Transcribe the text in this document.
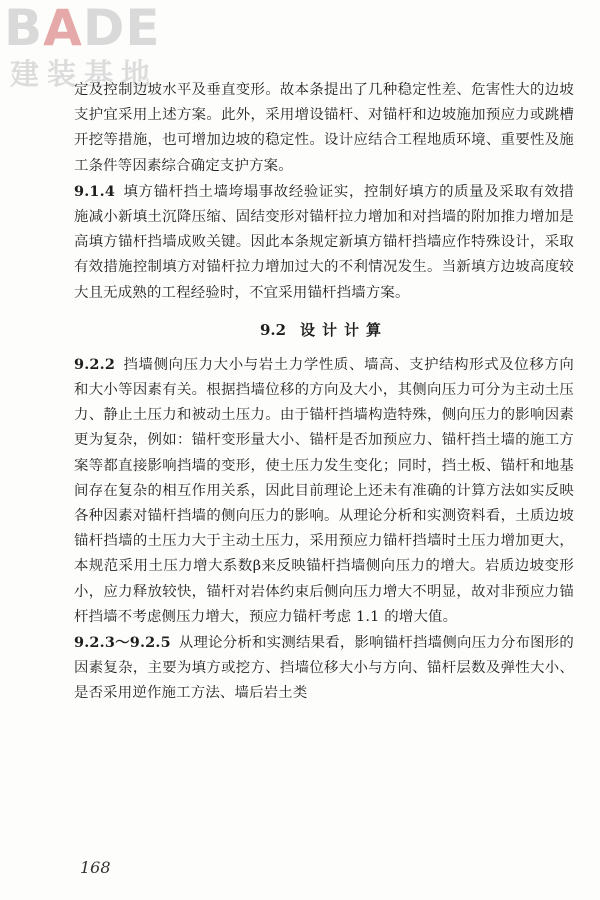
BADE
建装基地

定及控制边坡水平及垂直变形。故本条提出了几种稳定性差、危害性大的边坡支护宜采用上述方案。此外，采用增设锚杆、对锚杆和边坡施加预应力或跳槽开挖等措施，也可增加边坡的稳定性。设计应结合工程地质环境、重要性及施工条件等因素综合确定支护方案。

9.1.4 填方锚杆挡土墙垮塌事故经验证实，控制好填方的质量及采取有效措施减小新填土沉降压缩、固结变形对锚杆拉力增加和对挡墙的附加推力增加是高填方锚杆挡墙成败关键。因此本条规定新填方锚杆挡墙应作特殊设计，采取有效措施控制填方对锚杆拉力增加过大的不利情况发生。当新填方边坡高度较大且无成熟的工程经验时，不宜采用锚杆挡墙方案。

9.2 设计计算

9.2.2 挡墙侧向压力大小与岩土力学性质、墙高、支护结构形式及位移方向和大小等因素有关。根据挡墙位移的方向及大小，其侧向压力可分为主动土压力、静止土压力和被动土压力。由于锚杆挡墙构造特殊，侧向压力的影响因素更为复杂，例如：锚杆变形量大小、锚杆是否加预应力、锚杆挡土墙的施工方案等都直接影响挡墙的变形，使土压力发生变化；同时，挡土板、锚杆和地基间存在复杂的相互作用关系，因此目前理论上还未有准确的计算方法如实反映各种因素对锚杆挡墙的侧向压力的影响。从理论分析和实测资料看，土质边坡锚杆挡墙的土压力大于主动土压力，采用预应力锚杆挡墙时土压力增加更大，本规范采用土压力增大系数β来反映锚杆挡墙侧向压力的增大。岩质边坡变形小，应力释放较快，锚杆对岩体约束后侧向压力增大不明显，故对非预应力锚杆挡墙不考虑侧压力增大，预应力锚杆考虑 1.1 的增大值。

9.2.3～9.2.5 从理论分析和实测结果看，影响锚杆挡墙侧向压力分布图形的因素复杂，主要为填方或挖方、挡墙位移大小与方向、锚杆层数及弹性大小、是否采用逆作施工方法、墙后岩土类

168
